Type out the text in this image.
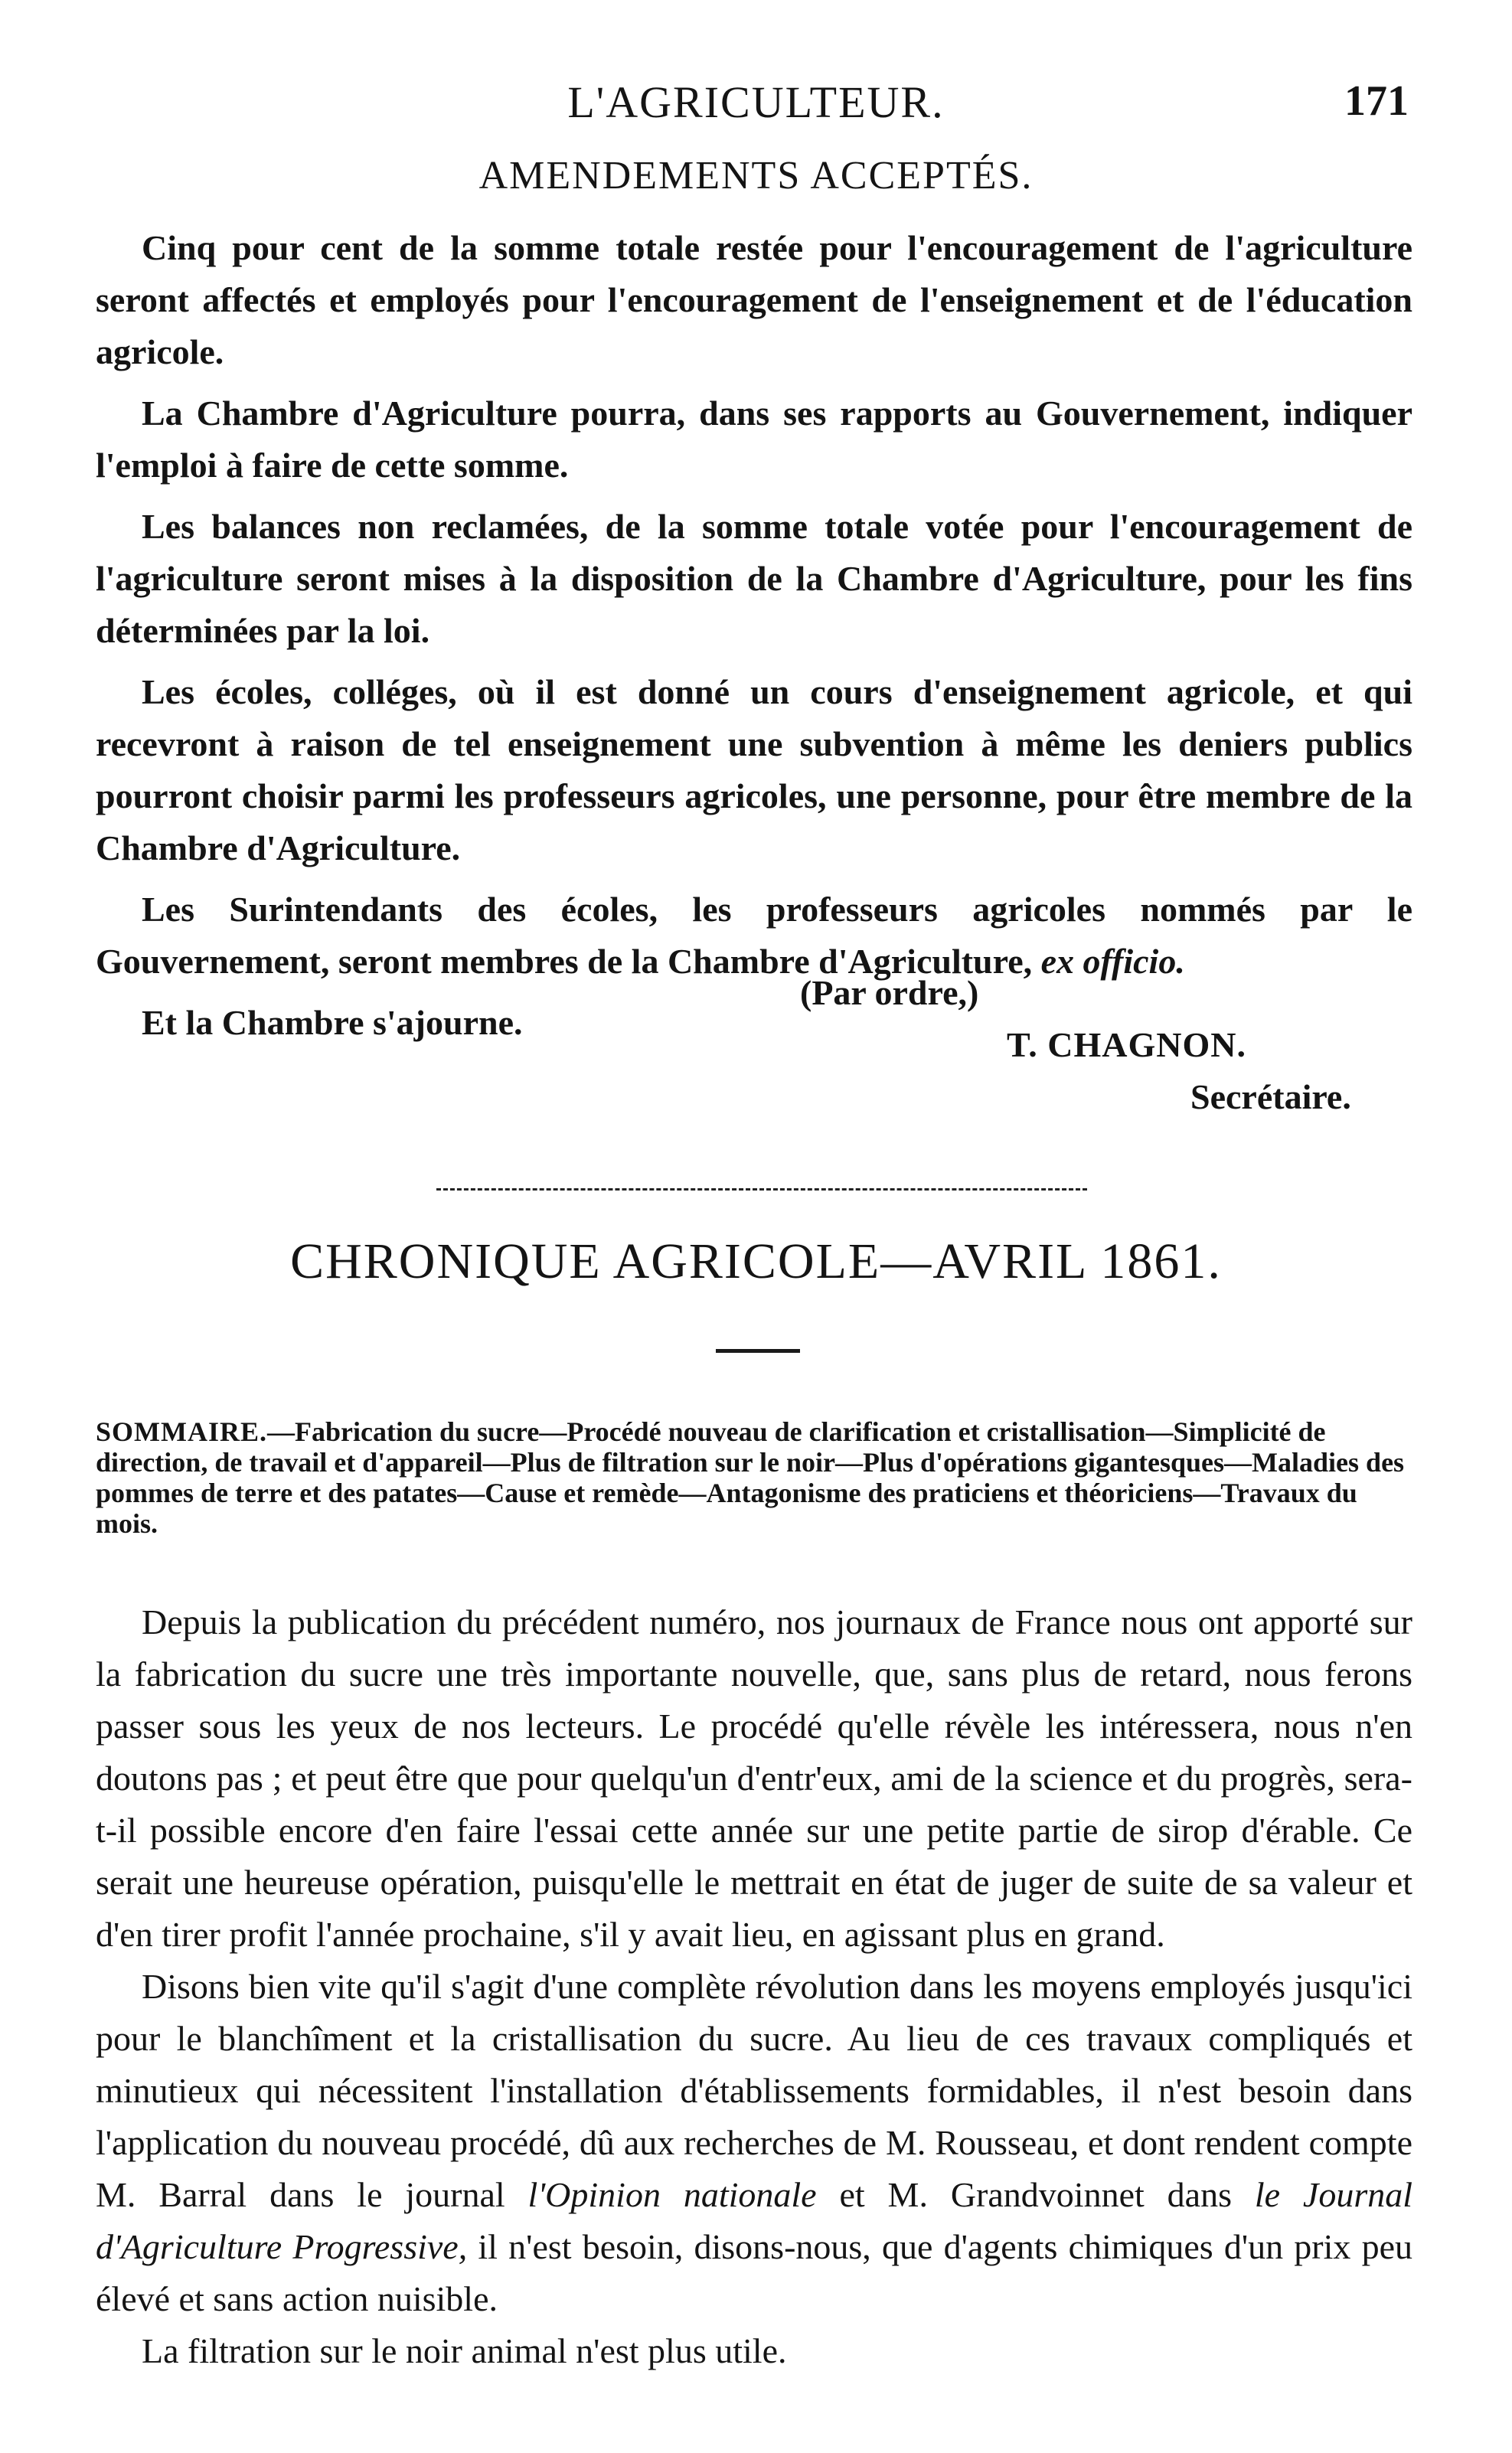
L'AGRICULTEUR.	171
AMENDEMENTS ACCEPTÉS.

Cinq pour cent de la somme totale restée pour l'encouragement de l'agriculture seront affectés et employés pour l'encouragement de l'enseignement et de l'éducation agricole.

La Chambre d'Agriculture pourra, dans ses rapports au Gouvernement, indiquer l'emploi à faire de cette somme.

Les balances non reclamées, de la somme totale votée pour l'encouragement de l'agriculture seront mises à la disposition de la Chambre d'Agriculture, pour les fins déterminées par la loi.

Les écoles, colléges, où il est donné un cours d'enseignement agricole, et qui recevront à raison de tel enseignement une subvention à même les deniers publics pourront choisir parmi les professeurs agricoles, une personne, pour être membre de la Chambre d'Agriculture.

Les Surintendants des écoles, les professeurs agricoles nommés par le Gouvernement, seront membres de la Chambre d'Agriculture, ex officio.

Et la Chambre s'ajourne.

(Par ordre,)
T. CHAGNON.
Secrétaire.
CHRONIQUE AGRICOLE—AVRIL 1861.
SOMMAIRE.—Fabrication du sucre—Procédé nouveau de clarification et cristallisation—Simplicité de direction, de travail et d'appareil—Plus de filtration sur le noir—Plus d'opérations gigantesques—Maladies des pommes de terre et des patates—Cause et remède—Antagonisme des praticiens et théoriciens—Travaux du mois.

Depuis la publication du précédent numéro, nos journaux de France nous ont apporté sur la fabrication du sucre une très importante nouvelle, que, sans plus de retard, nous ferons passer sous les yeux de nos lecteurs. Le procédé qu'elle révèle les intéressera, nous n'en doutons pas ; et peut être que pour quelqu'un d'entr'eux, ami de la science et du progrès, sera-t-il possible encore d'en faire l'essai cette année sur une petite partie de sirop d'érable. Ce serait une heureuse opération, puisqu'elle le mettrait en état de juger de suite de sa valeur et d'en tirer profit l'année prochaine, s'il y avait lieu, en agissant plus en grand.

Disons bien vite qu'il s'agit d'une complète révolution dans les moyens employés jusqu'ici pour le blanchîment et la cristallisation du sucre. Au lieu de ces travaux compliqués et minutieux qui nécessitent l'installation d'établissements formidables, il n'est besoin dans l'application du nouveau procédé, dû aux recherches de M. Rousseau, et dont rendent compte M. Barral dans le journal l'Opinion nationale et M. Grandvoinnet dans le Journal d'Agriculture Progressive, il n'est besoin, disons-nous, que d'agents chimiques d'un prix peu élevé et sans action nuisible.

La filtration sur le noir animal n'est plus utile.
